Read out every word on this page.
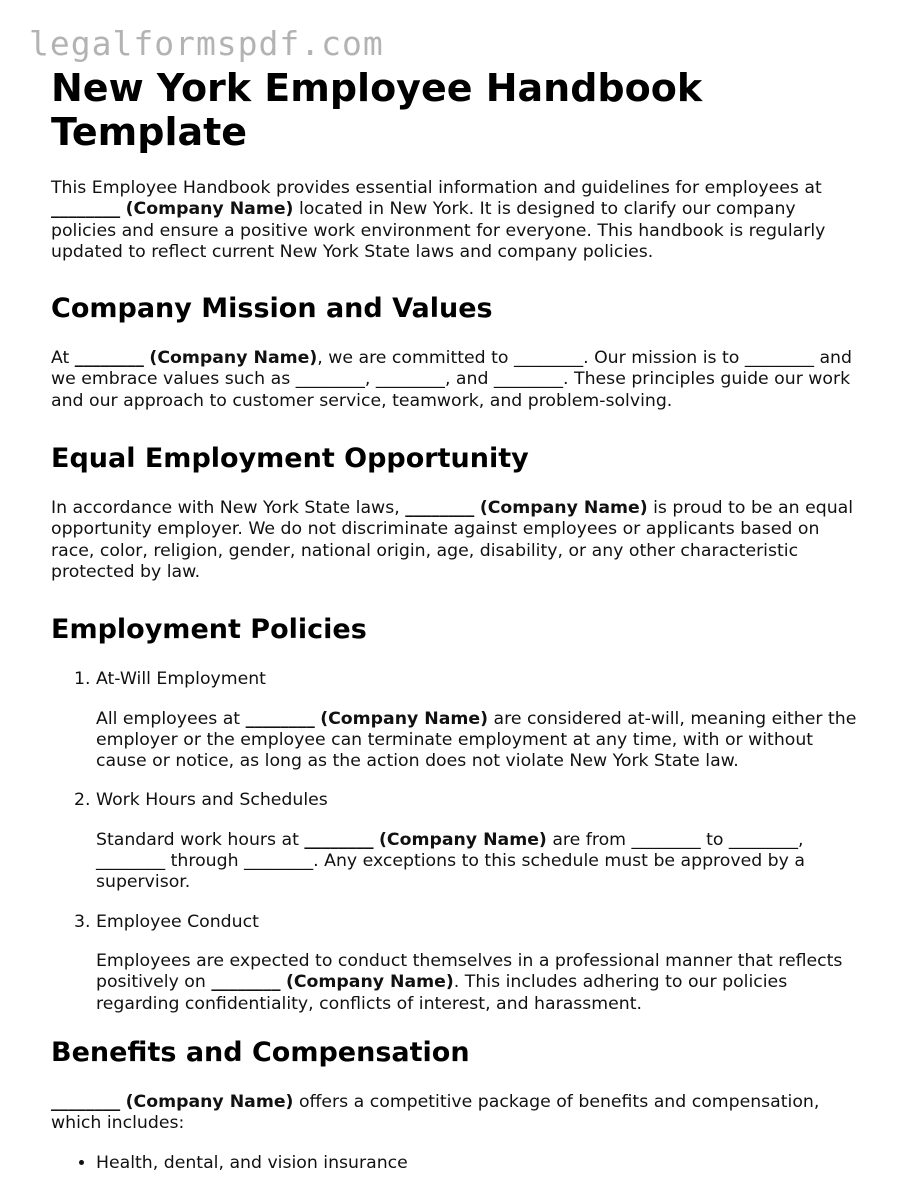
legalformspdf.com
New York Employee Handbook Template

This Employee Handbook provides essential information and guidelines for employees at ________ (Company Name) located in New York. It is designed to clarify our company policies and ensure a positive work environment for everyone. This handbook is regularly updated to reflect current New York State laws and company policies.

Company Mission and Values

At ________ (Company Name), we are committed to ________. Our mission is to ________ and we embrace values such as ________, ________, and ________. These principles guide our work and our approach to customer service, teamwork, and problem-solving.

Equal Employment Opportunity

In accordance with New York State laws, ________ (Company Name) is proud to be an equal opportunity employer. We do not discriminate against employees or applicants based on race, color, religion, gender, national origin, age, disability, or any other characteristic protected by law.

Employment Policies
1. At-Will Employment

All employees at ________ (Company Name) are considered at-will, meaning either the employer or the employee can terminate employment at any time, with or without cause or notice, as long as the action does not violate New York State law.

2. Work Hours and Schedules

Standard work hours at ________ (Company Name) are from ________ to ________, ________ through ________. Any exceptions to this schedule must be approved by a supervisor.

3. Employee Conduct

Employees are expected to conduct themselves in a professional manner that reflects positively on ________ (Company Name). This includes adhering to our policies regarding confidentiality, conflicts of interest, and harassment.

Benefits and Compensation

________ (Company Name) offers a competitive package of benefits and compensation, which includes:

• Health, dental, and vision insurance
